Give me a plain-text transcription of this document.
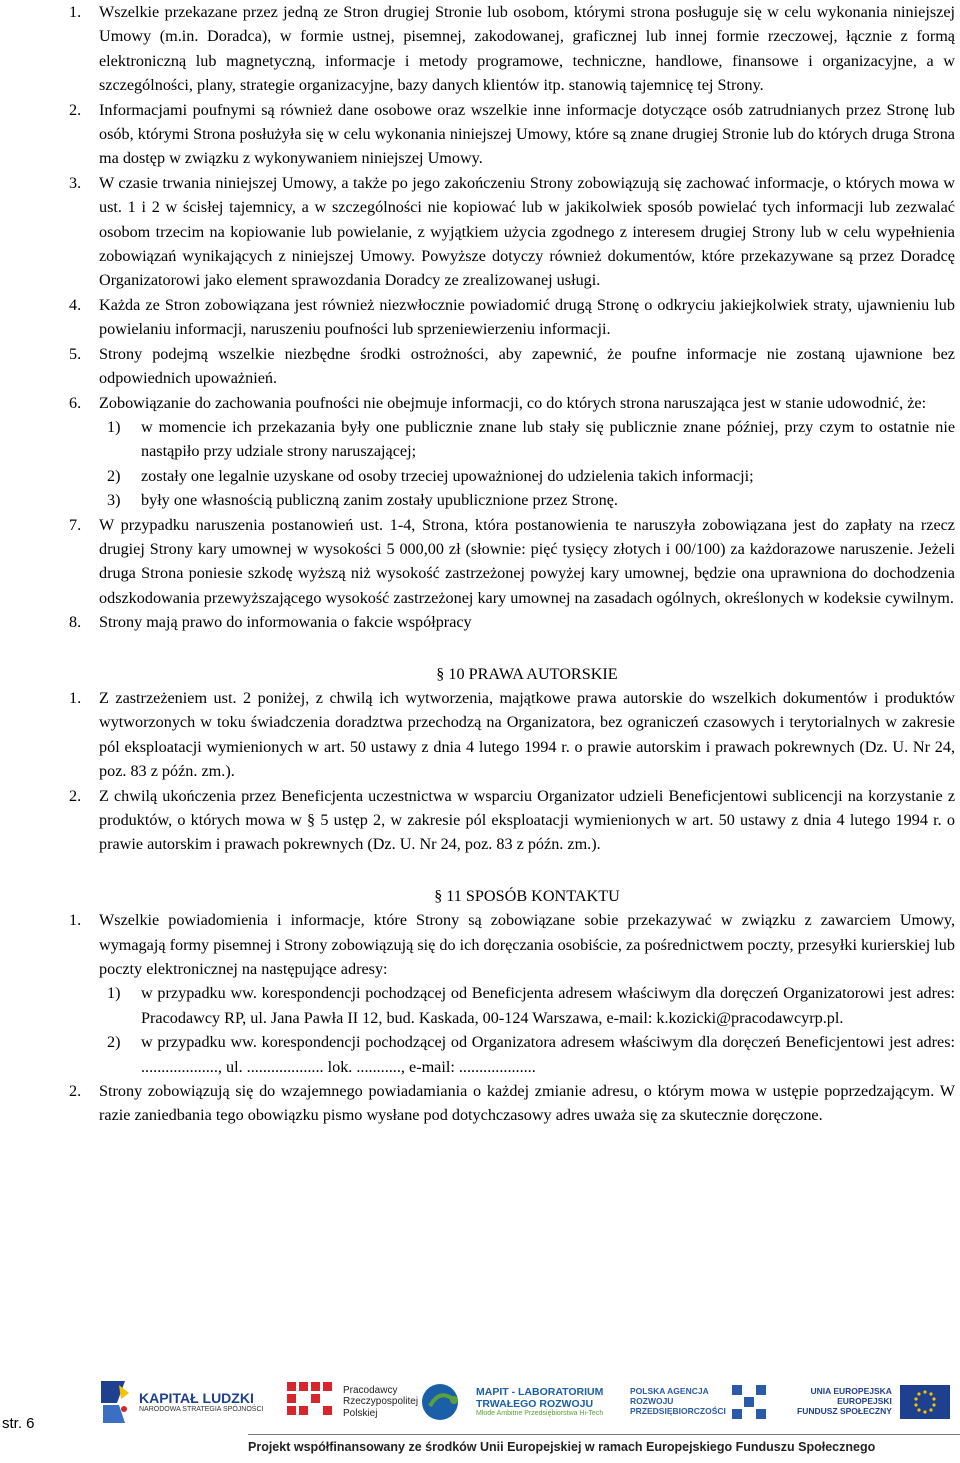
1. Wszelkie przekazane przez jedną ze Stron drugiej Stronie lub osobom, którymi strona posługuje się w celu wykonania niniejszej Umowy (m.in. Doradca), w formie ustnej, pisemnej, zakodowanej, graficznej lub innej formie rzeczowej, łącznie z formą elektroniczną lub magnetyczną, informacje i metody programowe, techniczne, handlowe, finansowe i organizacyjne, a w szczególności, plany, strategie organizacyjne, bazy danych klientów itp. stanowią tajemnicę tej Strony.
2. Informacjami poufnymi są również dane osobowe oraz wszelkie inne informacje dotyczące osób zatrudnianych przez Stronę lub osób, którymi Strona posłużyła się w celu wykonania niniejszej Umowy, które są znane drugiej Stronie lub do których druga Strona ma dostęp w związku z wykonywaniem niniejszej Umowy.
3. W czasie trwania niniejszej Umowy, a także po jego zakończeniu Strony zobowiązują się zachować informacje, o których mowa w ust. 1 i 2 w ścisłej tajemnicy, a w szczególności nie kopiować lub w jakikolwiek sposób powielać tych informacji lub zezwalać osobom trzecim na kopiowanie lub powielanie, z wyjątkiem użycia zgodnego z interesem drugiej Strony lub w celu wypełnienia zobowiązań wynikających z niniejszej Umowy. Powyższe dotyczy również dokumentów, które przekazywane są przez Doradcę Organizatorowi jako element sprawozdania Doradcy ze zrealizowanej usługi.
4. Każda ze Stron zobowiązana jest również niezwłocznie powiadomić drugą Stronę o odkryciu jakiejkolwiek straty, ujawnieniu lub powielaniu informacji, naruszeniu poufności lub sprzeniewierzeniu informacji.
5. Strony podejmą wszelkie niezbędne środki ostrożności, aby zapewnić, że poufne informacje nie zostaną ujawnione bez odpowiednich upoważnień.
6. Zobowiązanie do zachowania poufności nie obejmuje informacji, co do których strona naruszająca jest w stanie udowodnić, że:
1) w momencie ich przekazania były one publicznie znane lub stały się publicznie znane później, przy czym to ostatnie nie nastąpiło przy udziale strony naruszającej;
2) zostały one legalnie uzyskane od osoby trzeciej upoważnionej do udzielenia takich informacji;
3) były one własnością publiczną zanim zostały upublicznione przez Stronę.
7. W przypadku naruszenia postanowień ust. 1-4, Strona, która postanowienia te naruszyła zobowiązana jest do zapłaty na rzecz drugiej Strony kary umownej w wysokości 5 000,00 zł (słownie: pięć tysięcy złotych i 00/100) za każdorazowe naruszenie. Jeżeli druga Strona poniesie szkodę wyższą niż wysokość zastrzeżonej powyżej kary umownej, będzie ona uprawniona do dochodzenia odszkodowania przewyższającego wysokość zastrzeżonej kary umownej na zasadach ogólnych, określonych w kodeksie cywilnym.
8. Strony mają prawo do informowania o fakcie współpracy
§ 10 PRAWA AUTORSKIE
1. Z zastrzeżeniem ust. 2 poniżej, z chwilą ich wytworzenia, majątkowe prawa autorskie do wszelkich dokumentów i produktów wytworzonych w toku świadczenia doradztwa przechodzą na Organizatora, bez ograniczeń czasowych i terytorialnych w zakresie pól eksploatacji wymienionych w art. 50 ustawy z dnia 4 lutego 1994 r. o prawie autorskim i prawach pokrewnych (Dz. U. Nr 24, poz. 83 z późn. zm.).
2. Z chwilą ukończenia przez Beneficjenta uczestnictwa w wsparciu Organizator udzieli Beneficjentowi sublicencji na korzystanie z produktów, o których mowa w § 5 ustęp 2, w zakresie pól eksploatacji wymienionych w art. 50 ustawy z dnia 4 lutego 1994 r. o prawie autorskim i prawach pokrewnych (Dz. U. Nr 24, poz. 83 z późn. zm.).
§ 11 SPOSÓB KONTAKTU
1. Wszelkie powiadomienia i informacje, które Strony są zobowiązane sobie przekazywać w związku z zawarciem Umowy, wymagają formy pisemnej i Strony zobowiązują się do ich doręczania osobiście, za pośrednictwem poczty, przesyłki kurierskiej lub poczty elektronicznej na następujące adresy:
1) w przypadku ww. korespondencji pochodzącej od Beneficjenta adresem właściwym dla doręczeń Organizatorowi jest adres: Pracodawcy RP, ul. Jana Pawła II 12, bud. Kaskada, 00-124 Warszawa, e-mail: k.kozicki@pracodawcyrp.pl.
2) w przypadku ww. korespondencji pochodzącej od Organizatora adresem właściwym dla doręczeń Beneficjentowi jest adres: ..................., ul. ................... lok. ..........., e-mail: ...................
2. Strony zobowiązują się do wzajemnego powiadamiania o każdej zmianie adresu, o którym mowa w ustępie poprzedzającym. W razie zaniedbania tego obowiązku pismo wysłane pod dotychczasowy adres uważa się za skutecznie doręczone.
str. 6
KAPITAŁ LUDZKI
NARODOWA STRATEGIA SPÓJNOŚCI
Pracodawcy
Rzeczypospolitej
Polskiej
MAPIT - LABORATORIUM
TRWAŁEGO ROZWOJU
Młode Ambitne Przedsiębiorstwa Hi-Tech
POLSKA AGENCJA
ROZWOJU
PRZEDSIĘBIORCZOŚCI
UNIA EUROPEJSKA
EUROPEJSKI
FUNDUSZ SPOŁECZNY
Projekt współfinansowany ze środków Unii Europejskiej w ramach Europejskiego Funduszu Społecznego
